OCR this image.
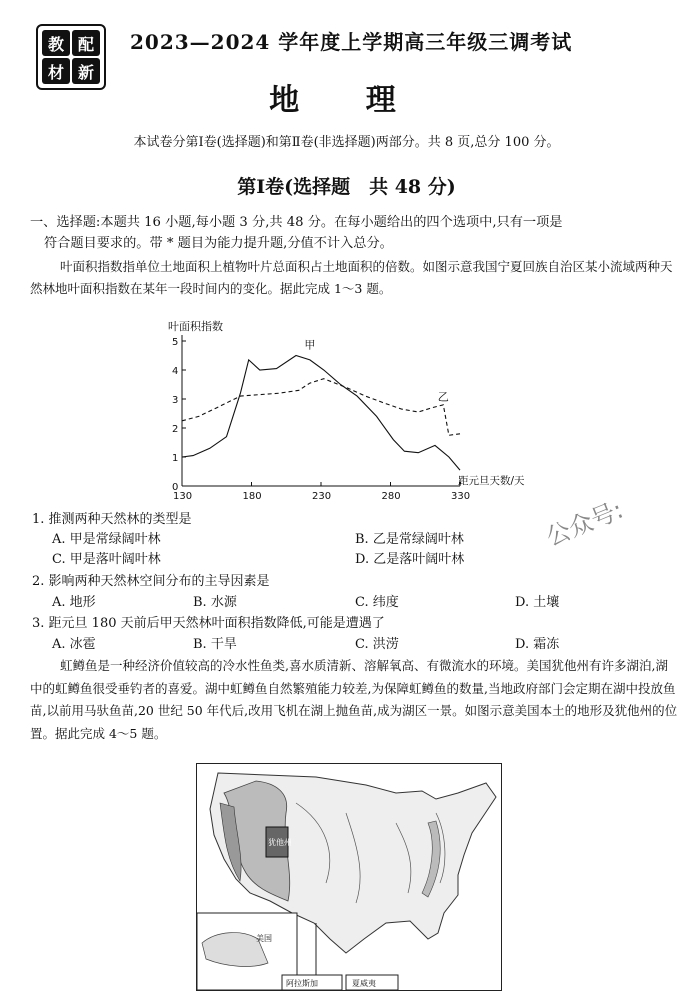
教 配
材 新
2023—2024 学年度上学期高三年级三调考试
地 理
本试卷分第Ⅰ卷(选择题)和第Ⅱ卷(非选择题)两部分。共 8 页,总分 100 分。
第Ⅰ卷(选择题　共 48 分)
一、选择题:本题共 16 小题,每小题 3 分,共 48 分。在每小题给出的四个选项中,只有一项是
符合题目要求的。带 * 题目为能力提升题,分值不计入总分。
叶面积指数指单位土地面积上植物叶片总面积占土地面积的倍数。如图示意我国宁夏回族自治区某小流域两种天然林地叶面积指数在某年一段时间内的变化。据此完成 1～3 题。
0
1
2
3
4
5
130	180	230	280	330
叶面积指数
距元旦天数/天
甲
乙
1. 推测两种天然林的类型是
A. 甲是常绿阔叶林	B. 乙是常绿阔叶林
C. 甲是落叶阔叶林	D. 乙是落叶阔叶林
2. 影响两种天然林空间分布的主导因素是
A. 地形	B. 水源	C. 纬度	D. 土壤
3. 距元旦 180 天前后甲天然林叶面积指数降低,可能是遭遇了
A. 冰雹	B. 干旱	C. 洪涝	D. 霜冻
公众号:
虹鳟鱼是一种经济价值较高的冷水性鱼类,喜水质清新、溶解氧高、有微流水的环境。美国犹他州有许多湖泊,湖中的虹鳟鱼很受垂钓者的喜爱。湖中虹鳟鱼自然繁殖能力较差,为保障虹鳟鱼的数量,当地政府部门会定期在湖中投放鱼苗,以前用马驮鱼苗,20 世纪 50 年代后,改用飞机在湖上抛鱼苗,成为湖区一景。如图示意美国本土的地形及犹他州的位置。据此完成 4～5 题。
犹他州
美国
阿拉斯加	夏威夷
